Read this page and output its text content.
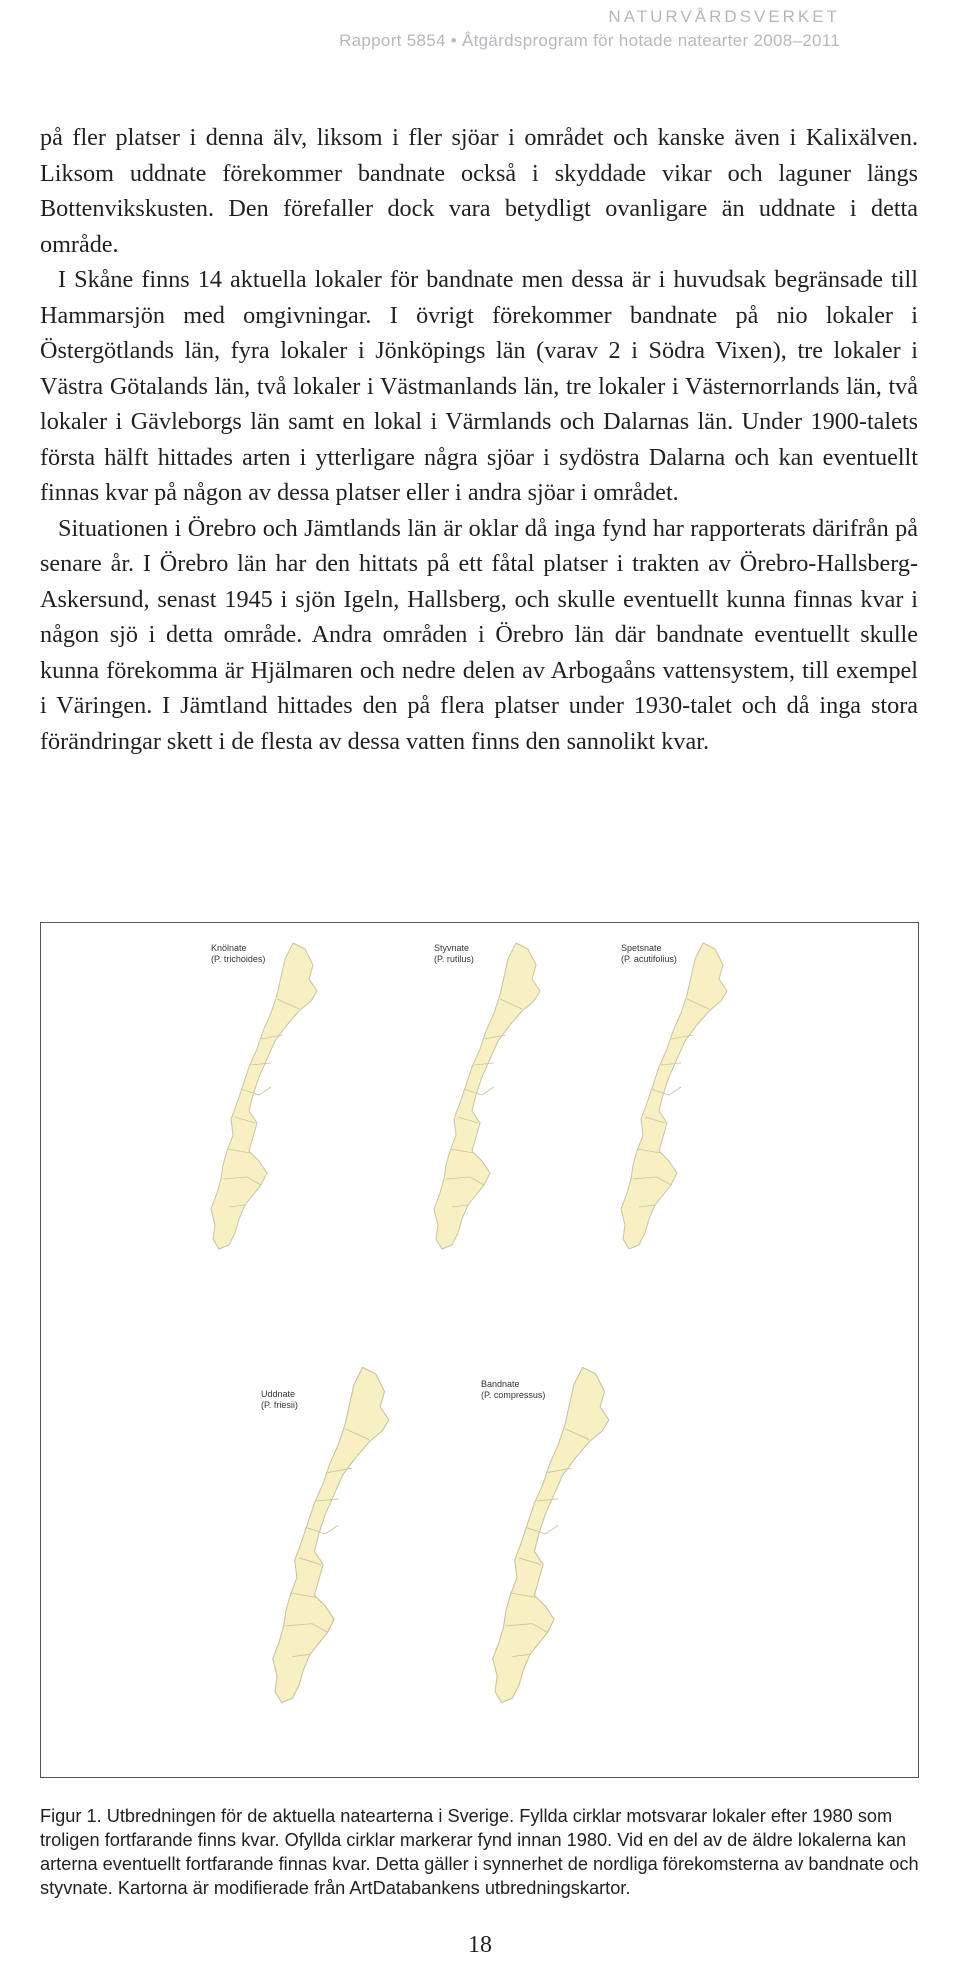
NATURVÅRDSVERKET
Rapport 5854 • Åtgärdsprogram för hotade natearter 2008–2011

på fler platser i denna älv, liksom i fler sjöar i området och kanske även i Kalixälven. Liksom uddnate förekommer bandnate också i skyddade vikar och laguner längs Bottenvikskusten. Den förefaller dock vara betydligt ovanligare än uddnate i detta område.

I Skåne finns 14 aktuella lokaler för bandnate men dessa är i huvudsak begränsade till Hammarsjön med omgivningar. I övrigt förekommer bandnate på nio lokaler i Östergötlands län, fyra lokaler i Jönköpings län (varav 2 i Södra Vixen), tre lokaler i Västra Götalands län, två lokaler i Västmanlands län, tre lokaler i Västernorrlands län, två lokaler i Gävleborgs län samt en lokal i Värmlands och Dalarnas län. Under 1900-talets första hälft hittades arten i ytterligare några sjöar i sydöstra Dalarna och kan eventuellt finnas kvar på någon av dessa platser eller i andra sjöar i området.

Situationen i Örebro och Jämtlands län är oklar då inga fynd har rapporterats därifrån på senare år. I Örebro län har den hittats på ett fåtal platser i trakten av Örebro-Hallsberg-Askersund, senast 1945 i sjön Igeln, Hallsberg, och skulle eventuellt kunna finnas kvar i någon sjö i detta område. Andra områden i Örebro län där bandnate eventuellt skulle kunna förekomma är Hjälmaren och nedre delen av Arbogaåns vattensystem, till exempel i Väringen. I Jämtland hittades den på flera platser under 1930-talet och då inga stora förändringar skett i de flesta av dessa vatten finns den sannolikt kvar.

Knölnate
(P. trichoides)
Styvnate
(P. rutilus)
Spetsnate
(P. acutifolius)
Uddnate
(P. friesii)
Bandnate
(P. compressus)
Figur 1. Utbredningen för de aktuella natearterna i Sverige. Fyllda cirklar motsvarar lokaler efter 1980 som troligen fortfarande finns kvar. Ofyllda cirklar markerar fynd innan 1980. Vid en del av de äldre lokalerna kan arterna eventuellt fortfarande finnas kvar. Detta gäller i synnerhet de nordliga förekomsterna av bandnate och styvnate. Kartorna är modifierade från ArtDatabankens utbredningskartor.
18
